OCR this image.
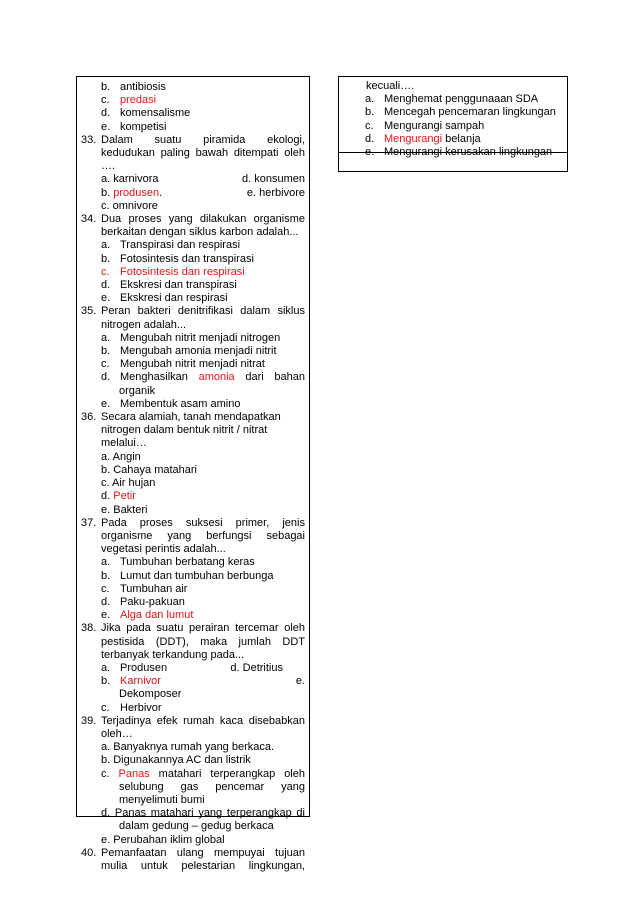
b. antibiosis
c. predasi
d. komensalisme
e. kompetisi
33. Dalam suatu piramida ekologi,
kedudukan paling bawah ditempati oleh
….
a. karnivora	d. konsumen
b. produsen.	e. herbivore
c. omnivore
34. Dua proses yang dilakukan organisme
berkaitan dengan siklus karbon adalah...
a. Transpirasi dan respirasi
b. Fotosintesis dan transpirasi
c. Fotosintesis dan respirasi
d. Ekskresi dan transpirasi
e. Ekskresi dan respirasi
35. Peran bakteri denitrifikasi dalam siklus
nitrogen adalah...
a. Mengubah nitrit menjadi nitrogen
b. Mengubah amonia menjadi nitrit
c. Mengubah nitrit menjadi nitrat
d. Menghasilkan amonia dari bahan
organik
e. Membentuk asam amino
36. Secara alamiah, tanah mendapatkan
nitrogen dalam bentuk nitrit / nitrat
melalui…
a. Angin
b. Cahaya matahari
c. Air hujan
d. Petir
e. Bakteri
37. Pada proses suksesi primer, jenis
organisme yang berfungsi sebagai
vegetasi perintis adalah...
a. Tumbuhan berbatang keras
b. Lumut dan tumbuhan berbunga
c. Tumbuhan air
d. Paku-pakuan
e. Alga dan lumut
38. Jika pada suatu perairan tercemar oleh
pestisida (DDT), maka jumlah DDT
terbanyak terkandung pada...
a. Produsen	d. Detritius
b. Karnivor	e.
Dekomposer
c. Herbivor
39. Terjadinya efek rumah kaca disebabkan
oleh…
a. Banyaknya rumah yang berkaca.
b. Digunakannya AC dan listrik
c. Panas matahari terperangkap oleh
selubung gas pencemar yang
menyelimuti bumi
d. Panas matahari yang terperangkap di
dalam gedung – gedug berkaca
e. Perubahan iklim global
40. Pemanfaatan ulang mempuyai tujuan
mulia untuk pelestarian lingkungan,
kecuali….
a. Menghemat penggunaaan SDA
b. Mencegah pencemaran lingkungan
c. Mengurangi sampah
d. Mengurangi belanja
e. Mengurangi kerusakan lingkungan
